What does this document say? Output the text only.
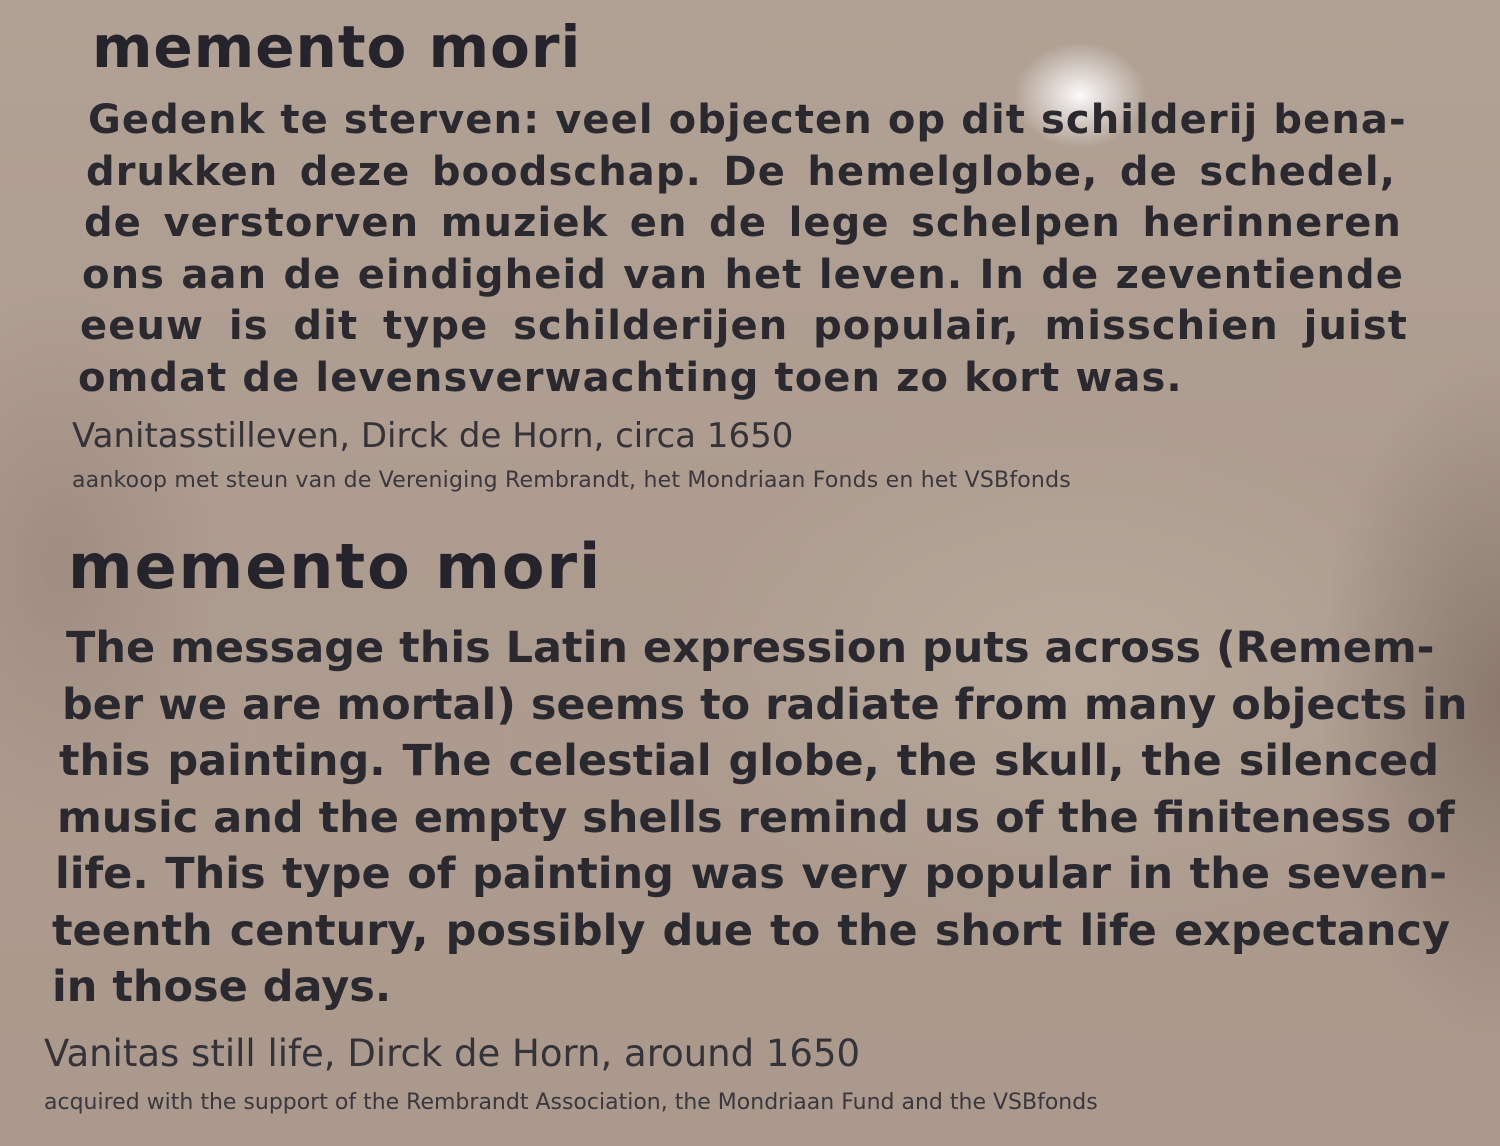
memento mori
Gedenk te sterven: veel objecten op dit schilderij bena-
drukken deze boodschap. De hemelglobe, de schedel,
de verstorven muziek en de lege schelpen herinneren
ons aan de eindigheid van het leven. In de zeventiende
eeuw is dit type schilderijen populair, misschien juist
omdat de levensverwachting toen zo kort was.

Vanitasstilleven, Dirck de Horn, circa 1650

aankoop met steun van de Vereniging Rembrandt, het Mondriaan Fonds en het VSBfonds

memento mori
The message this Latin expression puts across (Remem-
ber we are mortal) seems to radiate from many objects in
this painting. The celestial globe, the skull, the silenced
music and the empty shells remind us of the finiteness of
life. This type of painting was very popular in the seven-
teenth century, possibly due to the short life expectancy
in those days.

Vanitas still life, Dirck de Horn, around 1650

acquired with the support of the Rembrandt Association, the Mondriaan Fund and the VSBfonds
